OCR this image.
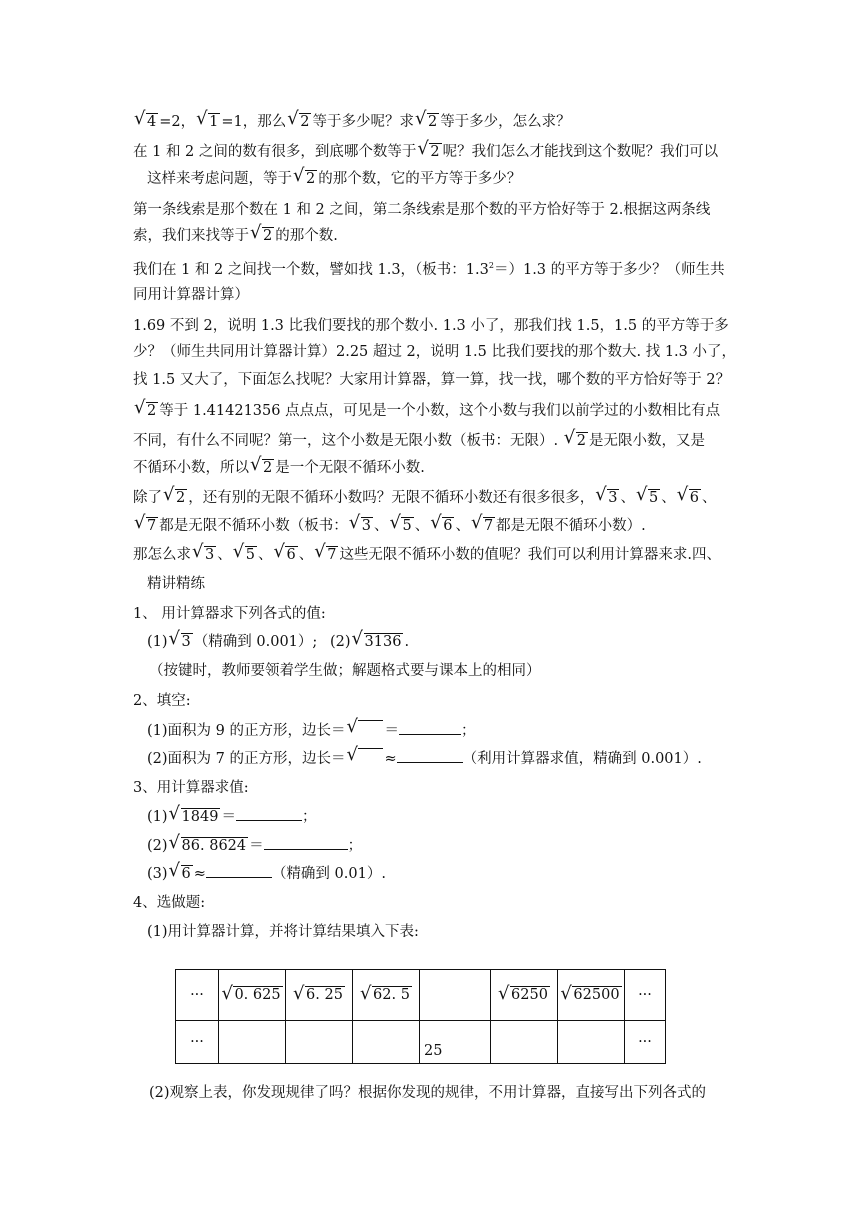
√ 4 =2， √ 1 =1，那么 √ 2 等于多少呢？求 √ 2 等于多少，怎么求？
在 1 和 2 之间的数有很多，到底哪个数等于 √ 2 呢？我们怎么才能找到这个数呢？我们可以
这样来考虑问题，等于 √ 2 的那个数，它的平方等于多少？
第一条线索是那个数在 1 和 2 之间，第二条线索是那个数的平方恰好等于 2.根据这两条线
索，我们来找等于 √ 2 的那个数.
我们在 1 和 2 之间找一个数，譬如找 1.3，（板书：$1.3^2=)1.3$ 的平方等于多少？（师生共
同用计算器计算）
1.69 不到 2，说明 1.3 比我们要找的那个数小. 1.3 小了，那我们找 1.5，1.5 的平方等于多
少？（师生共同用计算器计算）2.25 超过 2，说明 1.5 比我们要找的那个数大. 找 1.3 小了，
找 1.5 又大了，下面怎么找呢？大家用计算器，算一算，找一找，哪个数的平方恰好等于 2？
√ 2 等于 1.41421356 点点点，可见是一个小数，这个小数与我们以前学过的小数相比有点
不同，有什么不同呢？第一，这个小数是无限小数（板书：无限）. √ 2 是无限小数，又是
不循环小数，所以 √ 2 是一个无限不循环小数.
除了 √ 2 ，还有别的无限不循环小数吗？无限不循环小数还有很多很多， √ 3 、 √ 5 、 √ 6 、
√ 7 都是无限不循环小数（板书： √ 3 、 √ 5 、 √ 6 、 √ 7 都是无限不循环小数）.
那怎么求 √ 3 、 √ 5 、 √ 6 、 √ 7 这些无限不循环小数的值呢？我们可以利用计算器来求.四、
精讲精练
1、 用计算器求下列各式的值:
(1) √ 3 （精确到 0.001）; (2) √ 3136 .
（按键时，教师要领着学生做；解题格式要与课本上的相同）
2、填空:
(1)面积为 9 的正方形，边长＝ √ ＝	；
(2)面积为 7 的正方形，边长＝ √ ≈	（利用计算器求值，精确到 0.001）.
3、用计算器求值:
(1) √ 1849 ＝	；
(2) √ 86. 8624 ＝	；
(3) √ 6 ≈	（精确到 0.01）.
4、选做题:
(1)用计算器计算，并将计算结果填入下表:
···	√ 0. 625	√ 6. 25	√ 62. 5		√ 6250	√ 62500	···
···				25			···
(2)观察上表，你发现规律了吗？根据你发现的规律，不用计算器，直接写出下列各式的
